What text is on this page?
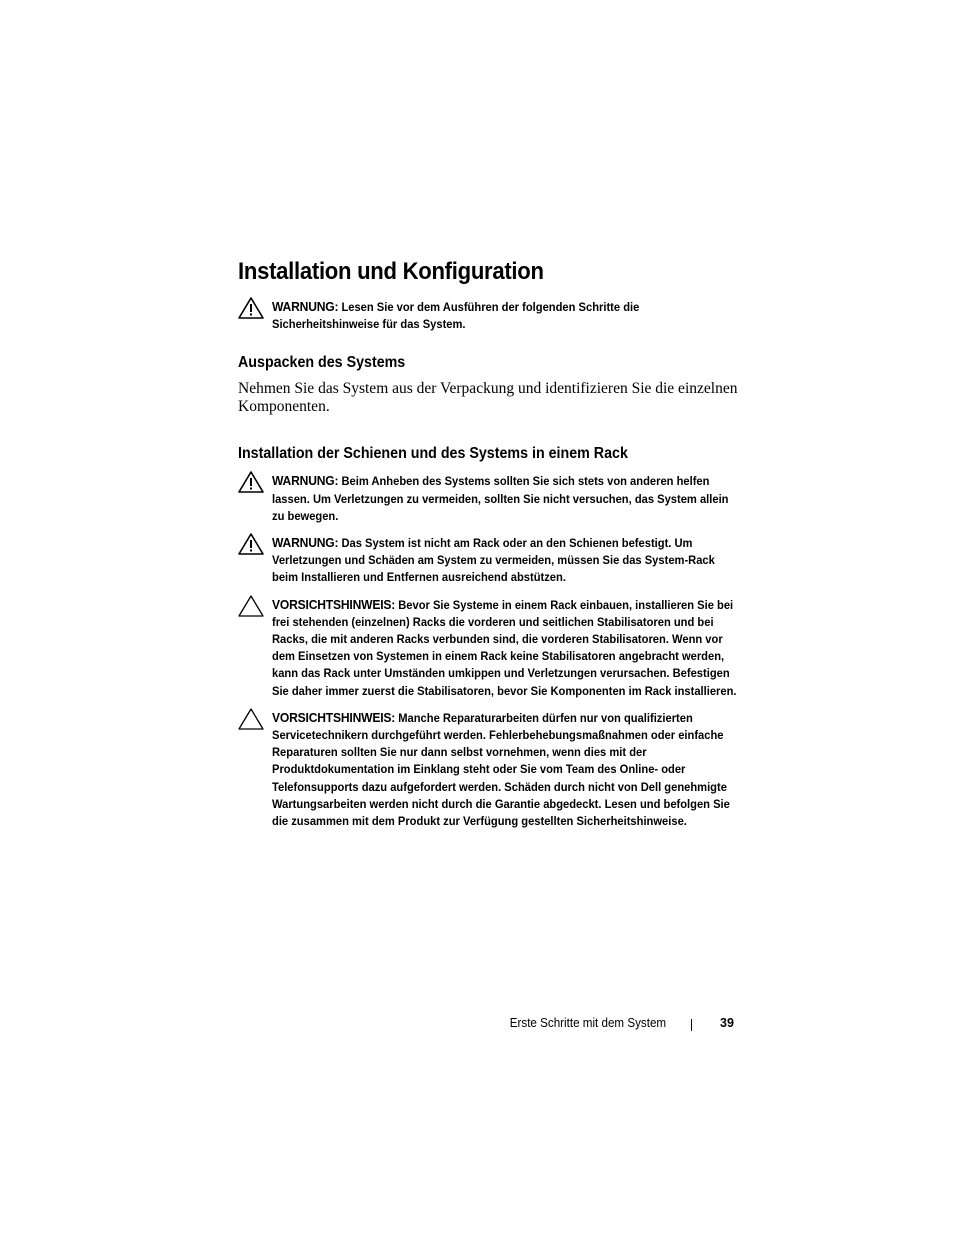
Installation und Konfiguration

WARNUNG: Lesen Sie vor dem Ausführen der folgenden Schritte die Sicherheitshinweise für das System.

Auspacken des Systems

Nehmen Sie das System aus der Verpackung und identifizieren Sie die einzelnen Komponenten.

Installation der Schienen und des Systems in einem Rack

WARNUNG: Beim Anheben des Systems sollten Sie sich stets von anderen helfen lassen. Um Verletzungen zu vermeiden, sollten Sie nicht versuchen, das System allein zu bewegen.

WARNUNG: Das System ist nicht am Rack oder an den Schienen befestigt. Um Verletzungen und Schäden am System zu vermeiden, müssen Sie das System-Rack beim Installieren und Entfernen ausreichend abstützen.

VORSICHTSHINWEIS: Bevor Sie Systeme in einem Rack einbauen, installieren Sie bei frei stehenden (einzelnen) Racks die vorderen und seitlichen Stabilisatoren und bei Racks, die mit anderen Racks verbunden sind, die vorderen Stabilisatoren. Wenn vor dem Einsetzen von Systemen in einem Rack keine Stabilisatoren angebracht werden, kann das Rack unter Umständen umkippen und Verletzungen verursachen. Befestigen Sie daher immer zuerst die Stabilisatoren, bevor Sie Komponenten im Rack installieren.

VORSICHTSHINWEIS: Manche Reparaturarbeiten dürfen nur von qualifizierten Servicetechnikern durchgeführt werden. Fehlerbehebungsmaßnahmen oder einfache Reparaturen sollten Sie nur dann selbst vornehmen, wenn dies mit der Produktdokumentation im Einklang steht oder Sie vom Team des Online- oder Telefonsupports dazu aufgefordert werden. Schäden durch nicht von Dell genehmigte Wartungsarbeiten werden nicht durch die Garantie abgedeckt. Lesen und befolgen Sie die zusammen mit dem Produkt zur Verfügung gestellten Sicherheitshinweise.

Erste Schritte mit dem System	39
